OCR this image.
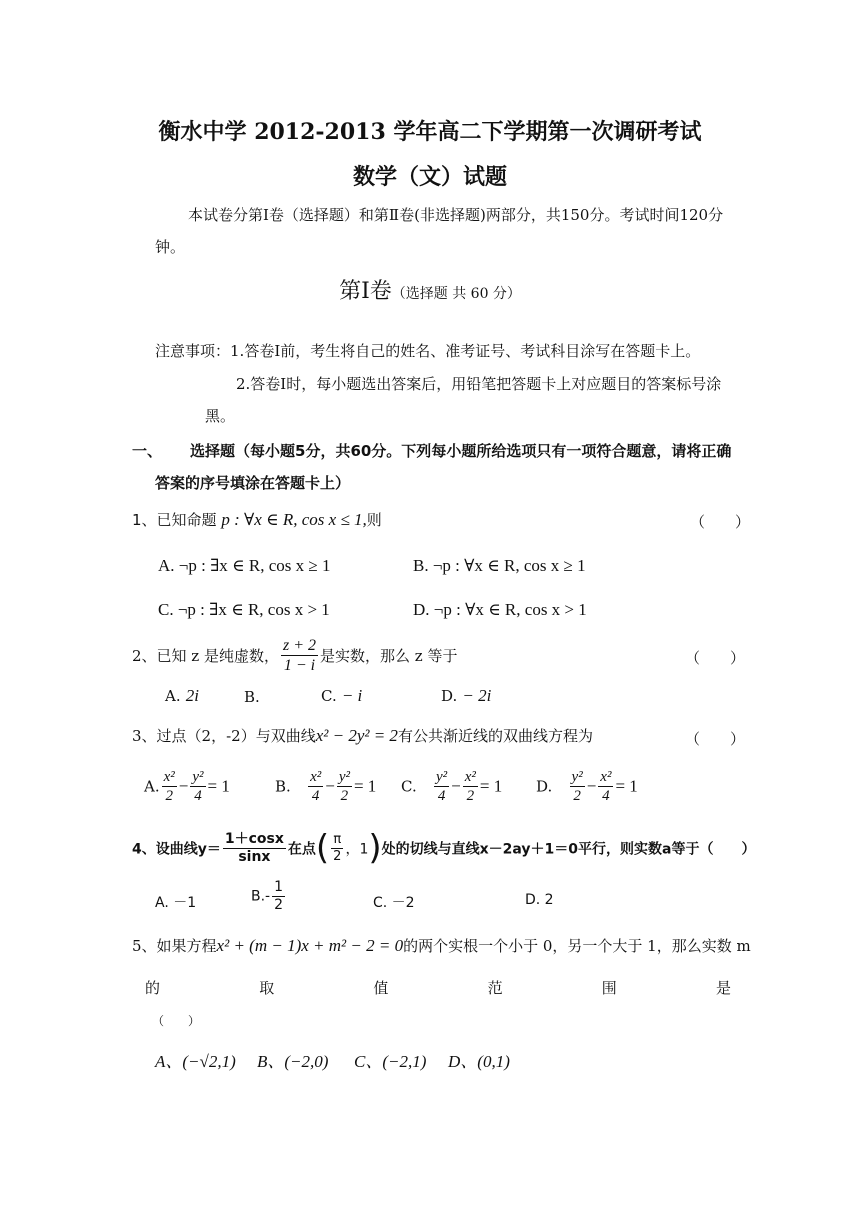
衡水中学 2012-2013 学年高二下学期第一次调研考试
数学（文）试题
本试卷分第Ⅰ卷（选择题）和第Ⅱ卷(非选择题)两部分，共150分。考试时间120分
钟。
第Ⅰ卷（选择题 共 60 分）
注意事项：1.答卷Ⅰ前，考生将自己的姓名、准考证号、考试科目涂写在答题卡上。
2.答卷Ⅰ时，每小题选出答案后，用铅笔把答题卡上对应题目的答案标号涂
黑。
一、 选择题（每小题5分，共60分。下列每小题所给选项只有一项符合题意，请将正确
答案的序号填涂在答题卡上）
1、已知命题 p : ∀x ∈ R, cos x ≤ 1,则	（　　）
A. ¬p : ∃x ∈ R, cos x ≥ 1	B. ¬p : ∀x ∈ R, cos x ≥ 1
C. ¬p : ∃x ∈ R, cos x > 1	D. ¬p : ∀x ∈ R, cos x > 1
2、已知 z 是纯虚数， $\frac{z + 2}{1 - i}$ 是实数，那么 z 等于	（　　）
A. 2i	B.	C. − i	D. − 2i
3、过点（2，-2）与双曲线x² − 2y² = 2有公共渐近线的双曲线方程为	（　　）
A. $\frac{\text{x²}}{2} - \frac{\text{y²}}{4} = 1$	B. $\frac{\text{x²}}{4} - \frac{\text{y²}}{2} = 1$ C. $\frac{\text{y²}}{4} - \frac{\text{x²}}{2} = 1$ D. $\frac{\text{y²}}{2} - \frac{\text{x²}}{4} = 1$
4、设曲线$y= \frac{1+\cos x}{\sin x}$ 在点( $\frac{\pi}{2}$ ，1)处的切线与直线x－2ay＋1＝0平行，则实数a等于（　　）
A. －1	$B.- \frac{1}{2}$	C. －2	D. 2
5、如果方程x² + (m − 1)x + m² − 2 = 0的两个实根一个小于 0，另一个大于 1，那么实数 m
的	取	值	范	围	是
（　　）
A、(−√2,1) B、(−2,0) C、(−2,1) D、(0,1)
